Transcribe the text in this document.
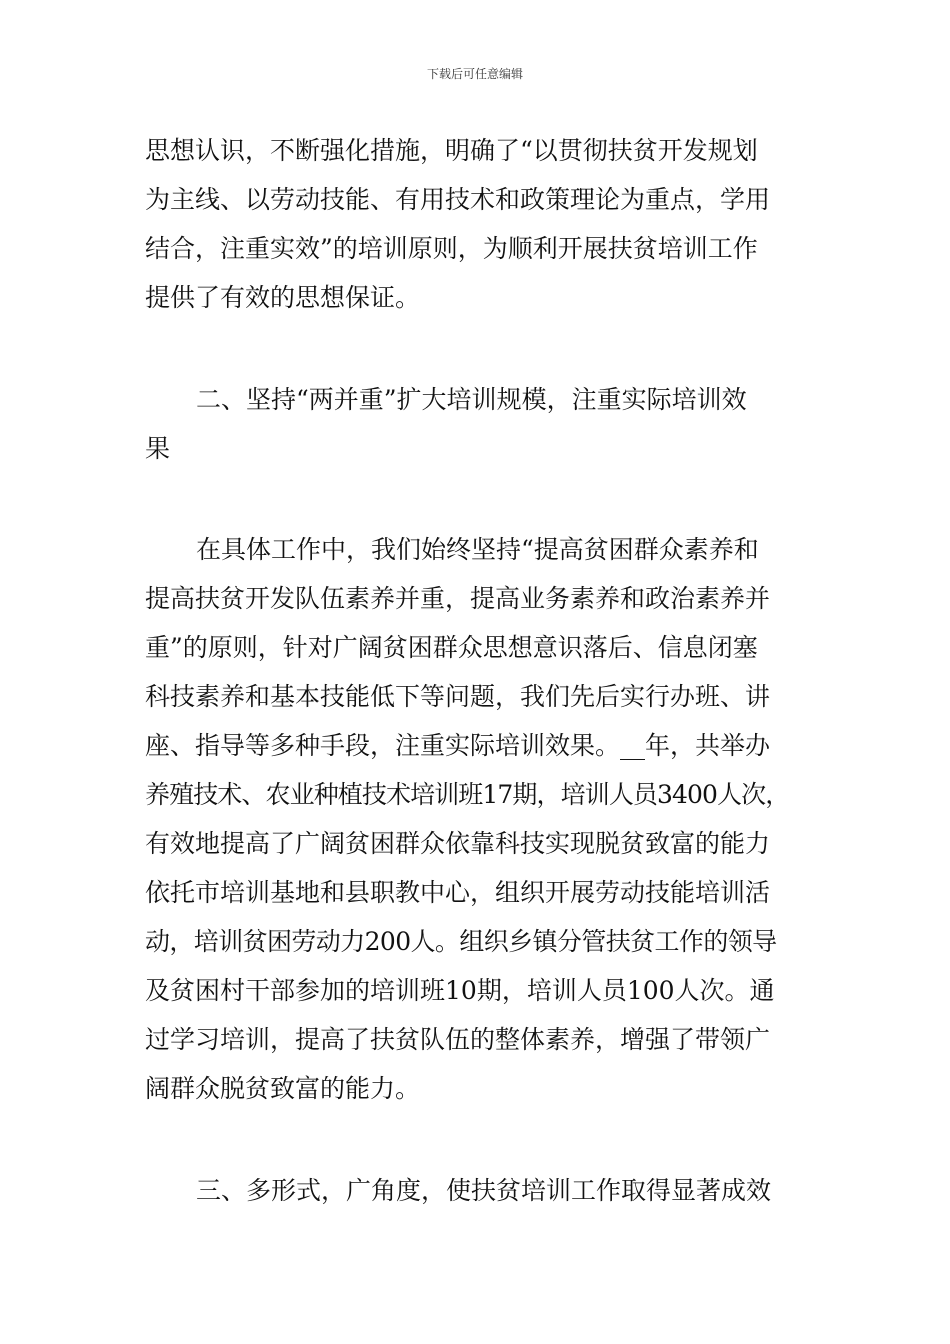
下载后可任意编辑
思想认识，不断强化措施，明确了“以贯彻扶贫开发规划
为主线、以劳动技能、有用技术和政策理论为重点，学用
结合，注重实效”的培训原则，为顺利开展扶贫培训工作
提供了有效的思想保证。
二、坚持“两并重”扩大培训规模，注重实际培训效
果
在具体工作中，我们始终坚持“提高贫困群众素养和
提高扶贫开发队伍素养并重，提高业务素养和政治素养并
重”的原则，针对广阔贫困群众思想意识落后、信息闭塞
科技素养和基本技能低下等问题，我们先后实行办班、讲
座、指导等多种手段，注重实际培训效果。__年，共举办
养殖技术、农业种植技术培训班17期，培训人员3400人次，
有效地提高了广阔贫困群众依靠科技实现脱贫致富的能力
依托市培训基地和县职教中心，组织开展劳动技能培训活
动，培训贫困劳动力200人。组织乡镇分管扶贫工作的领导
及贫困村干部参加的培训班10期，培训人员100人次。通
过学习培训，提高了扶贫队伍的整体素养，增强了带领广
阔群众脱贫致富的能力。
三、多形式，广角度，使扶贫培训工作取得显著成效
